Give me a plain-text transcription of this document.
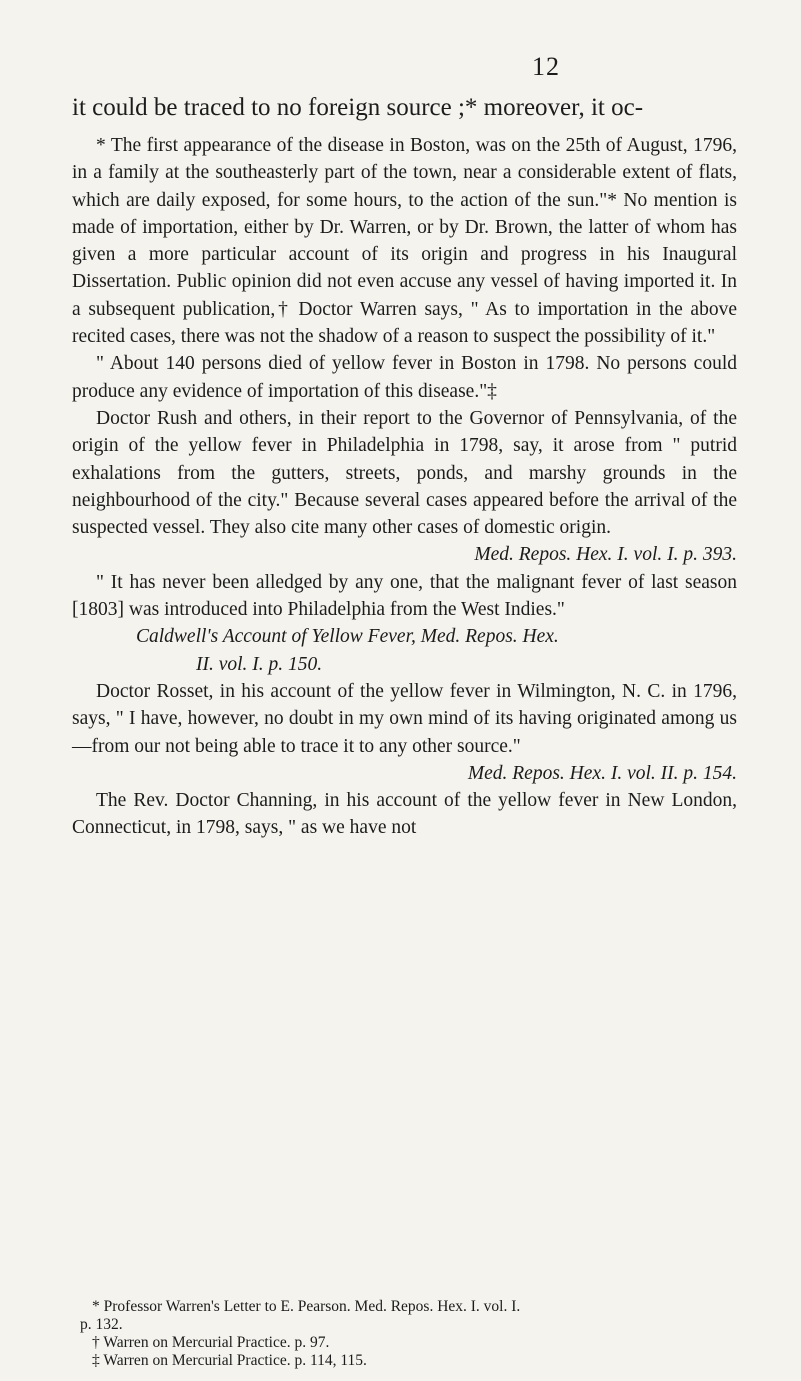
12
it could be traced to no foreign source ;* moreover, it oc-

* The first appearance of the disease in Boston, was on the 25th of August, 1796, in a family at the southeasterly part of the town, near a considerable extent of flats, which are daily exposed, for some hours, to the action of the sun."* No mention is made of importation, either by Dr. Warren, or by Dr. Brown, the latter of whom has given a more particular account of its origin and progress in his Inaugural Dissertation. Public opinion did not even accuse any vessel of having imported it. In a subsequent publication,† Doctor Warren says, " As to importation in the above recited cases, there was not the shadow of a reason to suspect the possibility of it."

" About 140 persons died of yellow fever in Boston in 1798. No persons could produce any evidence of importation of this disease."‡

Doctor Rush and others, in their report to the Governor of Pennsylvania, of the origin of the yellow fever in Philadelphia in 1798, say, it arose from " putrid exhalations from the gutters, streets, ponds, and marshy grounds in the neighbourhood of the city." Because several cases appeared before the arrival of the suspected vessel. They also cite many other cases of domestic origin.

Med. Repos. Hex. I. vol. I. p. 393.

" It has never been alledged by any one, that the malignant fever of last season [1803] was introduced into Philadelphia from the West Indies."

Caldwell's Account of Yellow Fever, Med. Repos. Hex.
II. vol. I. p. 150.

Doctor Rosset, in his account of the yellow fever in Wilmington, N. C. in 1796, says, " I have, however, no doubt in my own mind of its having originated among us—from our not being able to trace it to any other source."

Med. Repos. Hex. I. vol. II. p. 154.

The Rev. Doctor Channing, in his account of the yellow fever in New London, Connecticut, in 1798, says, " as we have not

* Professor Warren's Letter to E. Pearson. Med. Repos. Hex. I. vol. I.

p. 132.

† Warren on Mercurial Practice. p. 97.

‡ Warren on Mercurial Practice. p. 114, 115.
